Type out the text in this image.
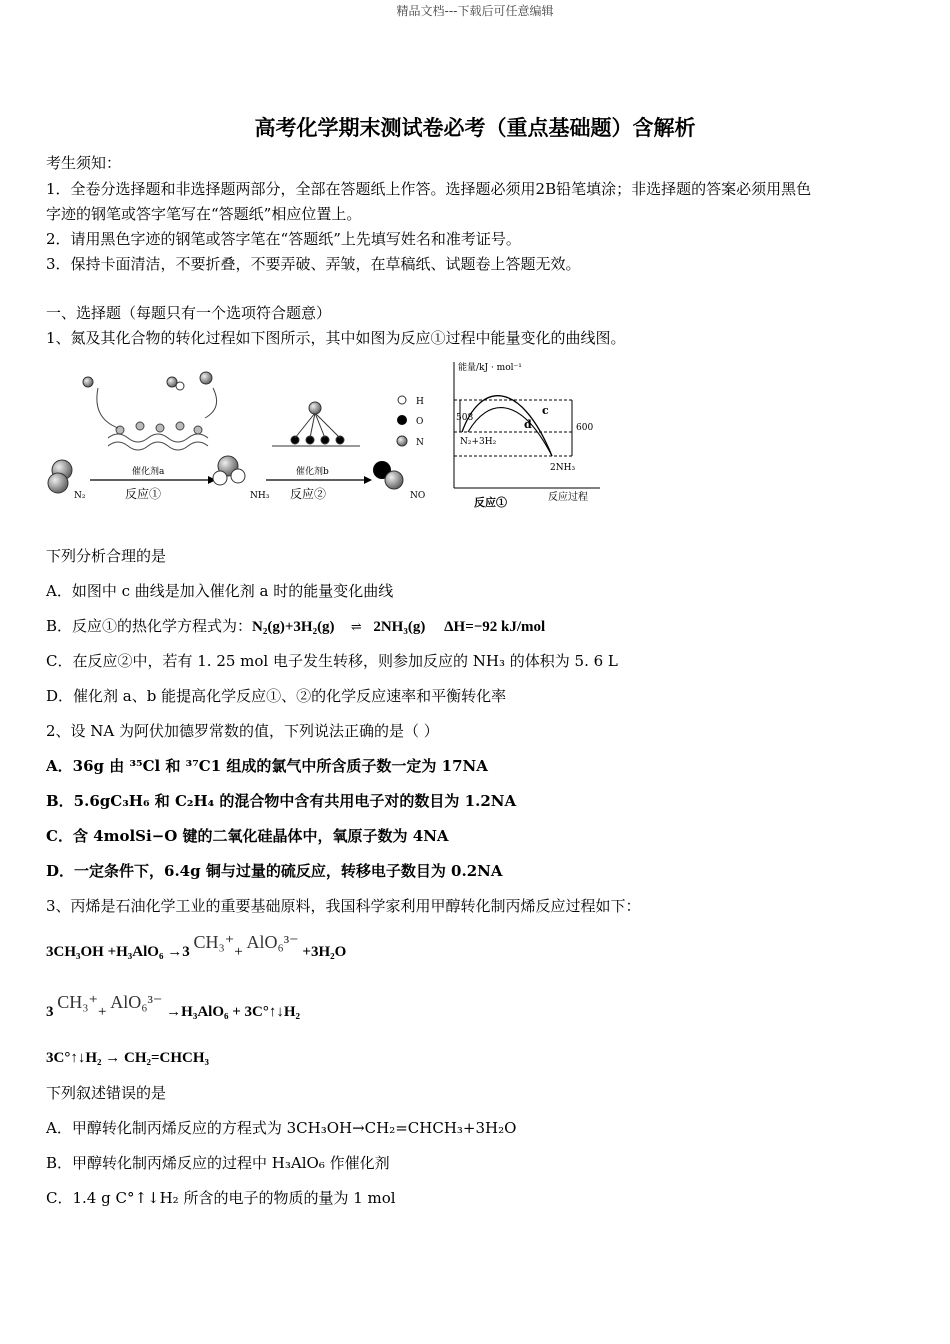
精品文档---下载后可任意编辑
高考化学期末测试卷必考（重点基础题）含解析
考生须知：
1．全卷分选择题和非选择题两部分，全部在答题纸上作答。选择题必须用2B铅笔填涂；非选择题的答案必须用黑色
字迹的钢笔或答字笔写在“答题纸”相应位置上。
2．请用黑色字迹的钢笔或答字笔在“答题纸”上先填写姓名和准考证号。
3．保持卡面清洁，不要折叠，不要弄破、弄皱，在草稿纸、试题卷上答题无效。
一、选择题（每题只有一个选项符合题意）
1、氮及其化合物的转化过程如下图所示，其中如图为反应①过程中能量变化的曲线图。
N₂	反应①
催化剂a
NH₃ 反应②
催化剂b
NO
H
O
N
能量/kJ · mol⁻¹
508
600
c
d
N₂+3H₂
2NH₃
反应过程
反应①
下列分析合理的是
A．如图中 c 曲线是加入催化剂 a 时的能量变化曲线
B．反应①的热化学方程式为：N₂(g)+3H₂(g) ⇌ 2NH₃(g) ΔH=−92 kJ/mol
C．在反应②中，若有 1. 25 mol 电子发生转移，则参加反应的 NH₃ 的体积为 5. 6 L
D．催化剂 a、b 能提高化学反应①、②的化学反应速率和平衡转化率
2、设 NA 为阿伏加德罗常数的值，下列说法正确的是（ ）
A．36g 由 ³⁵Cl 和 ³⁷C1 组成的氯气中所含质子数一定为 17NA
B．5.6gC₃H₆ 和 C₂H₄ 的混合物中含有共用电子对的数目为 1.2NA
C．含 4molSi−O 键的二氧化硅晶体中，氧原子数为 4NA
D．一定条件下，6.4g 铜与过量的硫反应，转移电子数目为 0.2NA
3、丙烯是石油化学工业的重要基础原料，我国科学家利用甲醇转化制丙烯反应过程如下：
3CH₃OH +H₃AlO₆ →3 CH₃⁺+ AlO₆³⁻ +3H₂O
3 CH₃⁺+ AlO₆³⁻ →H₃AlO₆ + 3C°↑↓H₂
3C°↑↓H₂ → CH₂=CHCH₃
下列叙述错误的是
A．甲醇转化制丙烯反应的方程式为 3CH₃OH→CH₂=CHCH₃+3H₂O
B．甲醇转化制丙烯反应的过程中 H₃AlO₆ 作催化剂
C．1.4 g C°↑↓H₂ 所含的电子的物质的量为 1 mol
